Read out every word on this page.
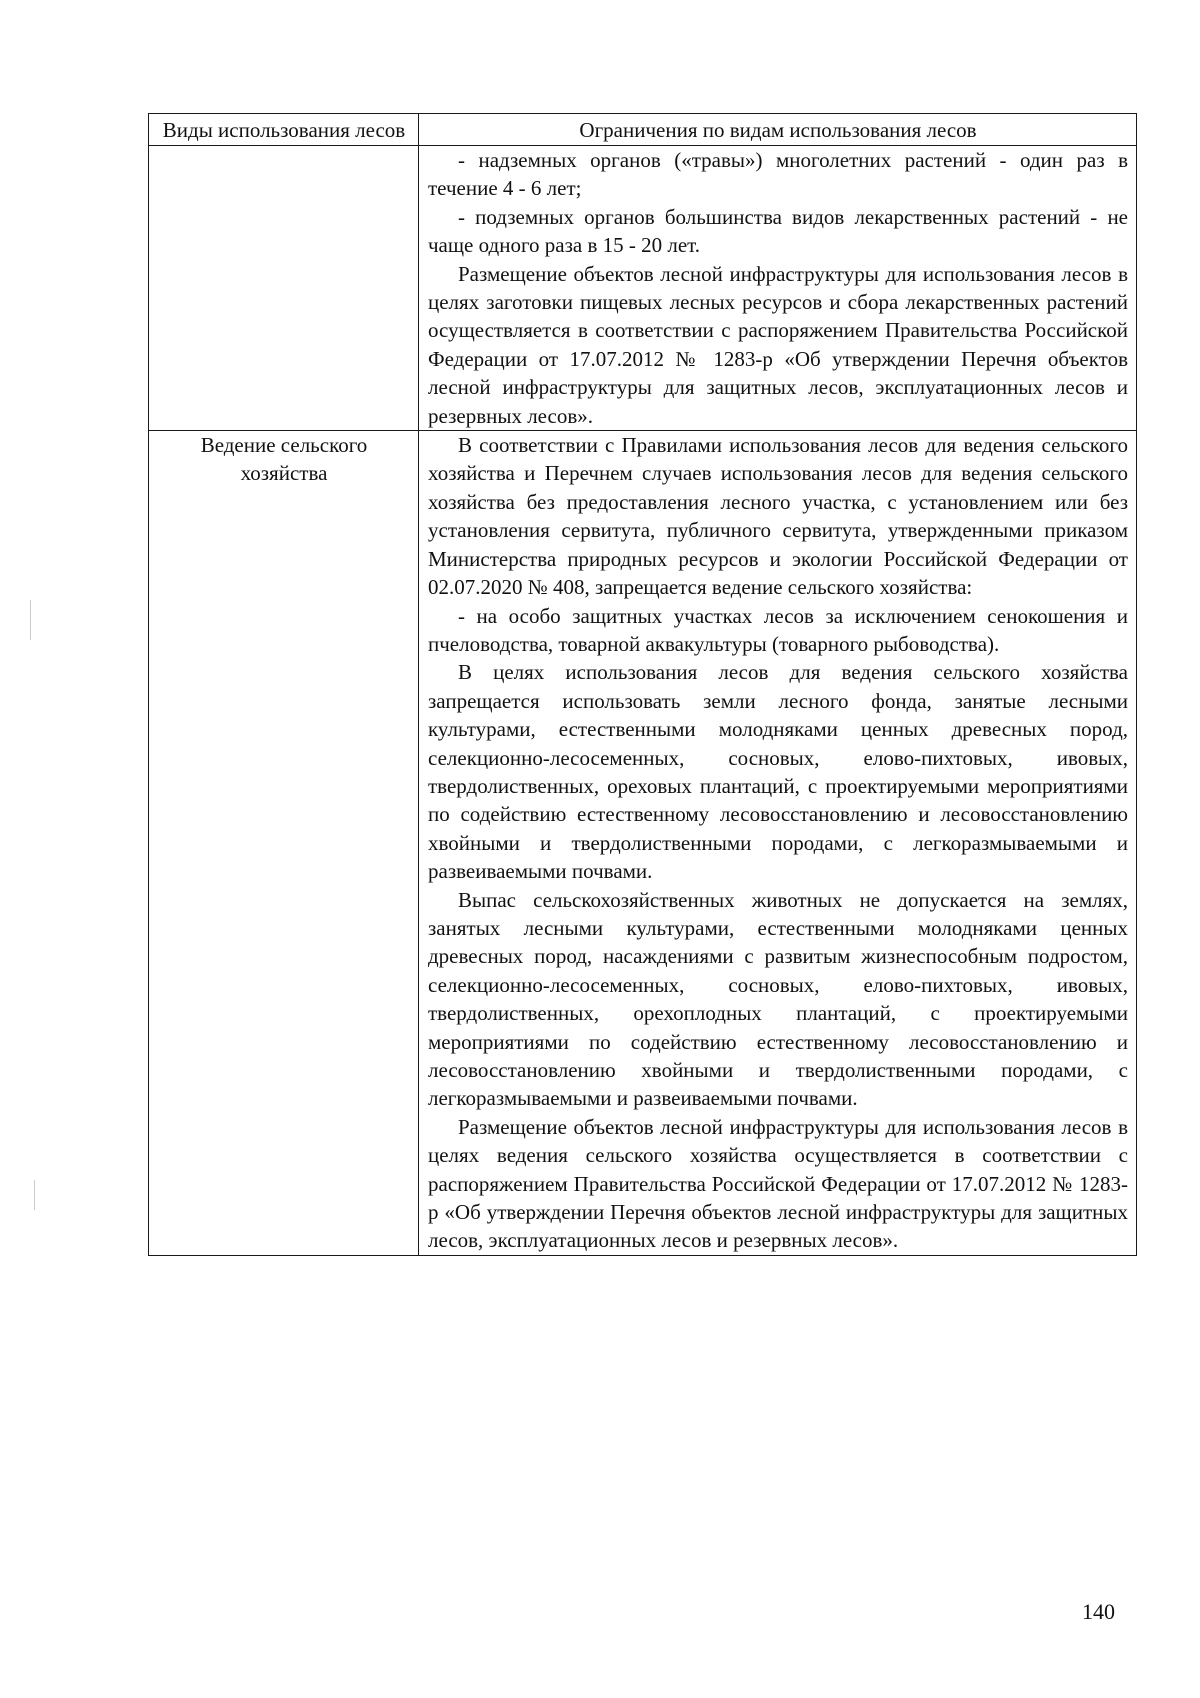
Виды использования лесов	Ограничения по видам использования лесов

	- надземных органов («травы») многолетних растений - один раз в течение 4 - 6 лет;

- подземных органов большинства видов лекарственных растений - не чаще одного раза в 15 - 20 лет.

Размещение объектов лесной инфраструктуры для использования лесов в целях заготовки пищевых лесных ресурсов и сбора лекарственных растений осуществляется в соответствии с распоряжением Правительства Российской Федерации от 17.07.2012 № 1283-р «Об утверждении Перечня объектов лесной инфраструктуры для защитных лесов, эксплуатационных лесов и резервных лесов».

Ведение сельского хозяйства	В соответствии с Правилами использования лесов для ведения сельского хозяйства и Перечнем случаев использования лесов для ведения сельского хозяйства без предоставления лесного участка, с установлением или без установления сервитута, публичного сервитута, утвержденными приказом Министерства природных ресурсов и экологии Российской Федерации от 02.07.2020 № 408, запрещается ведение сельского хозяйства:

- на особо защитных участках лесов за исключением сенокошения и пчеловодства, товарной аквакультуры (товарного рыбоводства).

В целях использования лесов для ведения сельского хозяйства запрещается использовать земли лесного фонда, занятые лесными культурами, естественными молодняками ценных древесных пород, селекционно-лесосеменных, сосновых, елово-пихтовых, ивовых, твердолиственных, ореховых плантаций, с проектируемыми мероприятиями по содействию естественному лесовосстановлению и лесовосстановлению хвойными и твердолиственными породами, с легкоразмываемыми и развеиваемыми почвами.

Выпас сельскохозяйственных животных не допускается на землях, занятых лесными культурами, естественными молодняками ценных древесных пород, насаждениями с развитым жизнеспособным подростом, селекционно-лесосеменных, сосновых, елово-пихтовых, ивовых, твердолиственных, орехоплодных плантаций, с проектируемыми мероприятиями по содействию естественному лесовосстановлению и лесовосстановлению хвойными и твердолиственными породами, с легкоразмываемыми и развеиваемыми почвами.

Размещение объектов лесной инфраструктуры для использования лесов в целях ведения сельского хозяйства осуществляется в соответствии с распоряжением Правительства Российской Федерации от 17.07.2012 № 1283-р «Об утверждении Перечня объектов лесной инфраструктуры для защитных лесов, эксплуатационных лесов и резервных лесов».

140
